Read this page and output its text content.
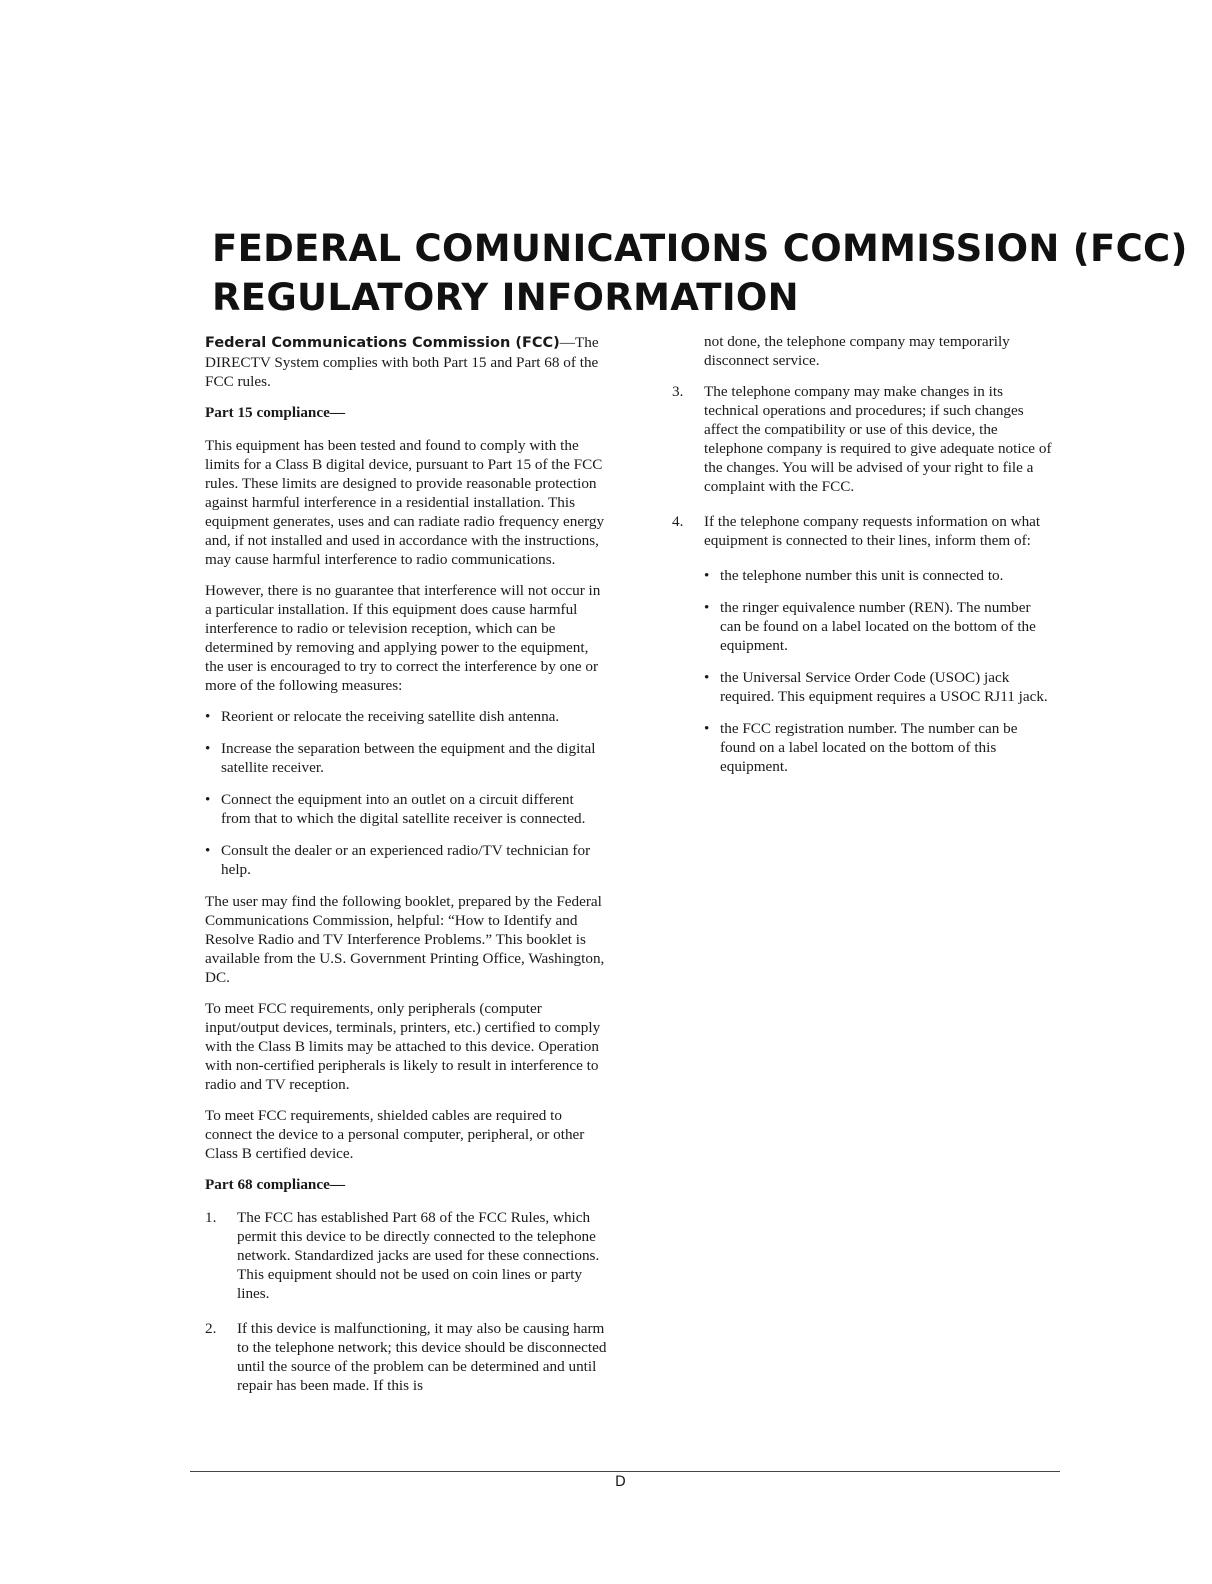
FEDERAL COMUNICATIONS COMMISSION (FCC)
REGULATORY INFORMATION

Federal Communications Commission (FCC)—The DIRECTV System complies with both Part 15 and Part 68 of the FCC rules.

Part 15 compliance—

This equipment has been tested and found to comply with the limits for a Class B digital device, pursuant to Part 15 of the FCC rules. These limits are designed to provide reasonable protection against harmful interference in a residential installation. This equipment generates, uses and can radiate radio frequency energy and, if not installed and used in accordance with the instructions, may cause harmful interference to radio communications.

However, there is no guarantee that interference will not occur in a particular installation. If this equipment does cause harmful interference to radio or television reception, which can be determined by removing and applying power to the equipment, the user is encouraged to try to correct the interference by one or more of the following measures:

• Reorient or relocate the receiving satellite dish antenna.
• Increase the separation between the equipment and the digital satellite receiver.
• Connect the equipment into an outlet on a circuit different from that to which the digital satellite receiver is connected.
• Consult the dealer or an experienced radio/TV technician for help.

The user may find the following booklet, prepared by the Federal Communications Commission, helpful: “How to Identify and Resolve Radio and TV Interference Problems.” This booklet is available from the U.S. Government Printing Office, Washington, DC.

To meet FCC requirements, only peripherals (computer input/output devices, terminals, printers, etc.) certified to comply with the Class B limits may be attached to this device. Operation with non-certified peripherals is likely to result in interference to radio and TV reception.

To meet FCC requirements, shielded cables are required to connect the device to a personal computer, peripheral, or other Class B certified device.

Part 68 compliance—

1. The FCC has established Part 68 of the FCC Rules, which permit this device to be directly connected to the telephone network. Standardized jacks are used for these connections. This equipment should not be used on coin lines or party lines.
2. If this device is malfunctioning, it may also be causing harm to the telephone network; this device should be disconnected until the source of the problem can be determined and until repair has been made. If this is

not done, the telephone company may temporarily disconnect service.

3. The telephone company may make changes in its technical operations and procedures; if such changes affect the compatibility or use of this device, the telephone company is required to give adequate notice of the changes. You will be advised of your right to file a complaint with the FCC.
4. If the telephone company requests information on what equipment is connected to their lines, inform them of:
• the telephone number this unit is connected to.
• the ringer equivalence number (REN). The number can be found on a label located on the bottom of the equipment.
• the Universal Service Order Code (USOC) jack required. This equipment requires a USOC RJ11 jack.
• the FCC registration number. The number can be found on a label located on the bottom of this equipment.
D
